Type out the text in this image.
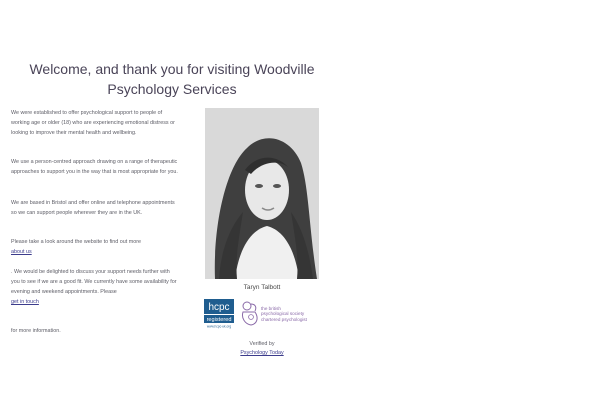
Welcome, and thank you for visiting Woodville
Psychology Services

We were established to offer psychological support to people of working age or older (18) who are experiencing emotional distress or looking to improve their mental health and wellbeing.

We use a person-centred approach drawing on a range of therapeutic approaches to support you in the way that is most appropriate for you.

We are based in Bristol and offer online and telephone appointments so we can support people wherever they are in the UK.

Please take a look around the website to find out more
about us

. We would be delighted to discuss your support needs further with you to see if we are a good fit. We currently have some availability for evening and weekend appointments. Please
get in touch

for more information.

Taryn Talbott
hcpc
registered
www.hcpc-uk.org
the british
psychological society
chartered psychologist
Verified by
Psychology Today
